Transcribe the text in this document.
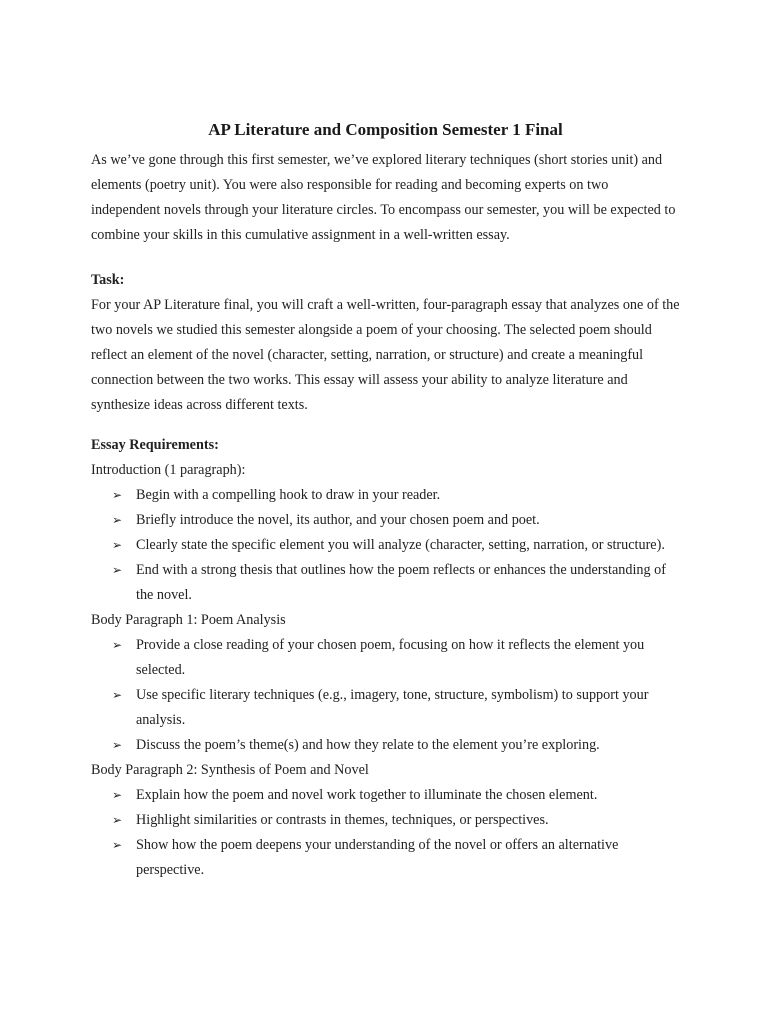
AP Literature and Composition Semester 1 Final

As we’ve gone through this first semester, we’ve explored literary techniques (short stories unit) and elements (poetry unit). You were also responsible for reading and becoming experts on two independent novels through your literature circles. To encompass our semester, you will be expected to combine your skills in this cumulative assignment in a well-written essay.

Task:

For your AP Literature final, you will craft a well-written, four-paragraph essay that analyzes one of the two novels we studied this semester alongside a poem of your choosing. The selected poem should reflect an element of the novel (character, setting, narration, or structure) and create a meaningful connection between the two works. This essay will assess your ability to analyze literature and synthesize ideas across different texts.

Essay Requirements:

Introduction (1 paragraph):

➢ Begin with a compelling hook to draw in your reader.
➢ Briefly introduce the novel, its author, and your chosen poem and poet.
➢ Clearly state the specific element you will analyze (character, setting, narration, or structure).
➢ End with a strong thesis that outlines how the poem reflects or enhances the understanding of the novel.

Body Paragraph 1: Poem Analysis

➢ Provide a close reading of your chosen poem, focusing on how it reflects the element you selected.
➢ Use specific literary techniques (e.g., imagery, tone, structure, symbolism) to support your analysis.
➢ Discuss the poem’s theme(s) and how they relate to the element you’re exploring.

Body Paragraph 2: Synthesis of Poem and Novel

➢ Explain how the poem and novel work together to illuminate the chosen element.
➢ Highlight similarities or contrasts in themes, techniques, or perspectives.
➢ Show how the poem deepens your understanding of the novel or offers an alternative perspective.
